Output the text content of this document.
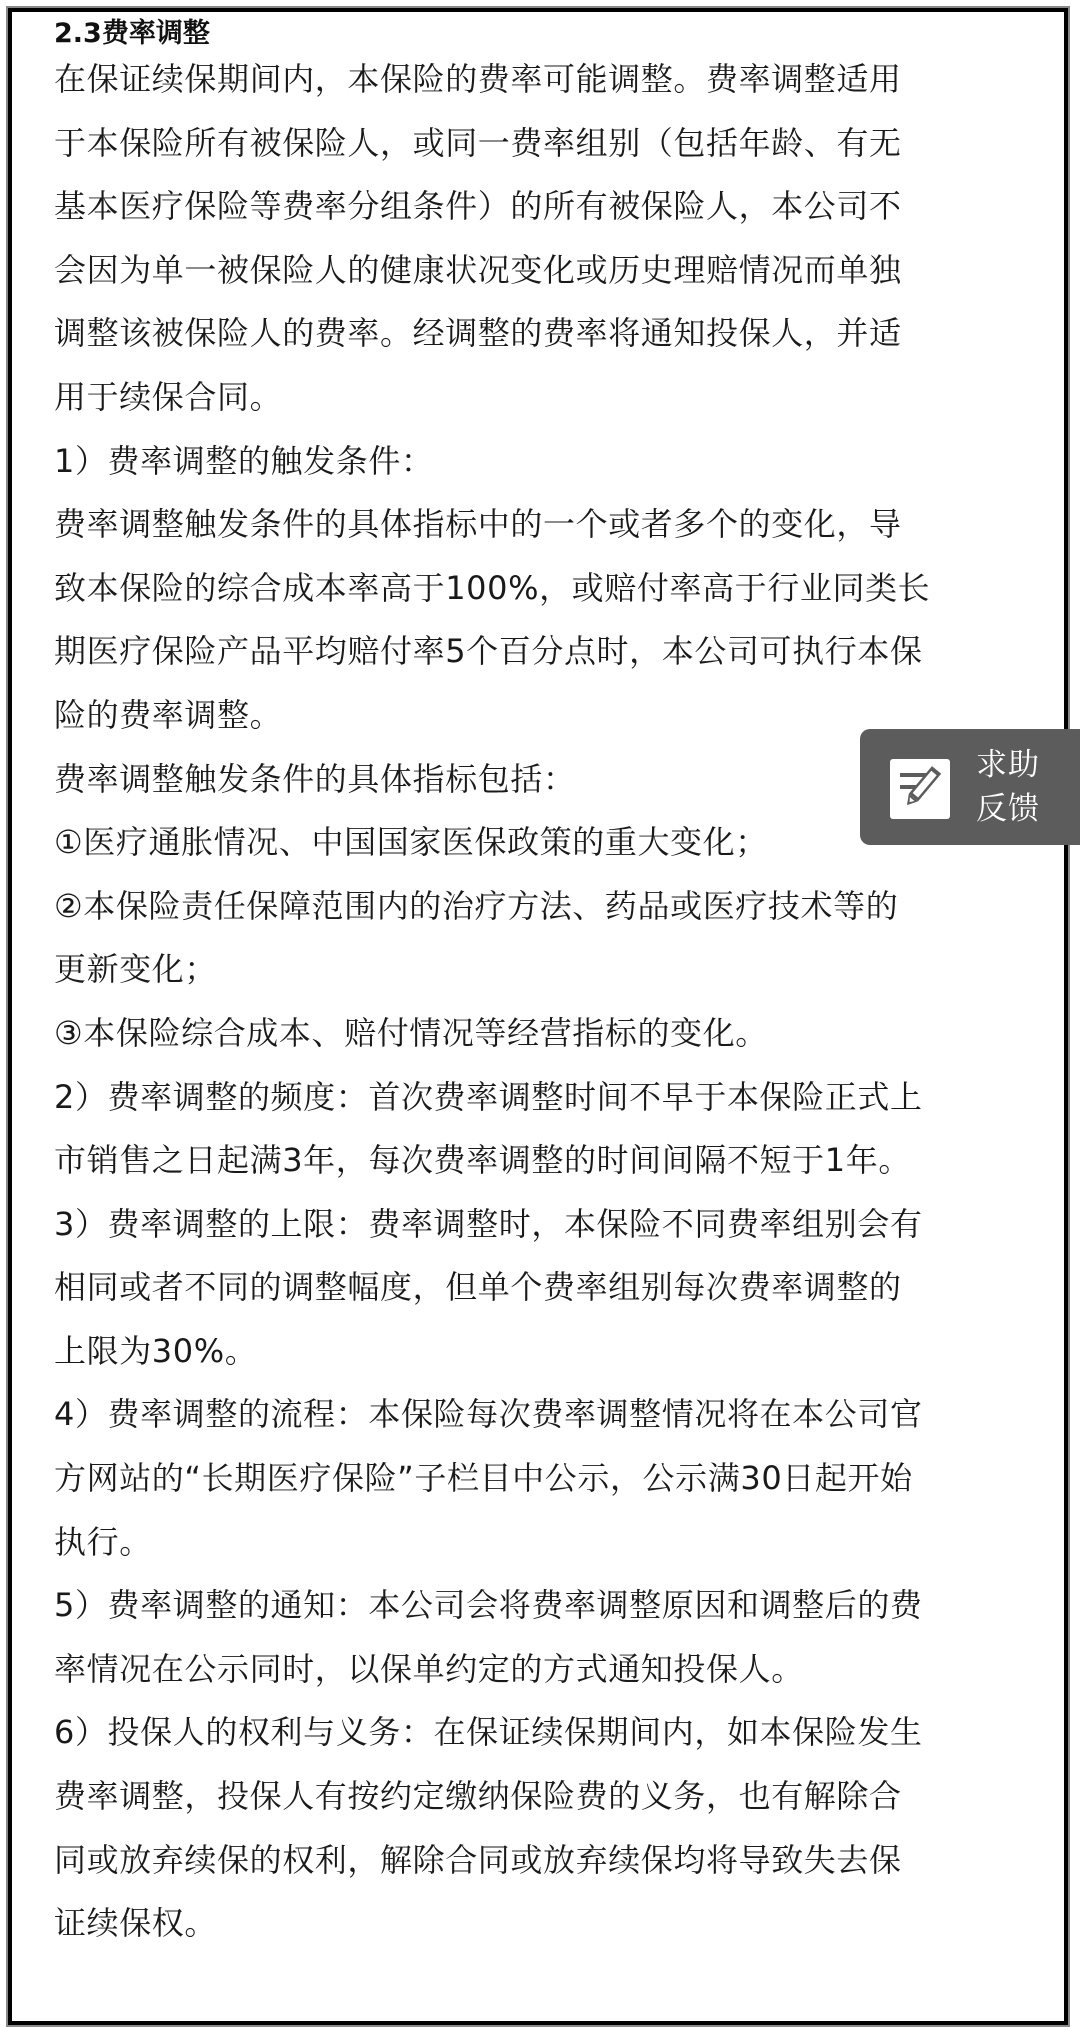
2.3费率调整
在保证续保期间内，本保险的费率可能调整。费率调整适用
于本保险所有被保险人，或同一费率组别（包括年龄、有无
基本医疗保险等费率分组条件）的所有被保险人，本公司不
会因为单一被保险人的健康状况变化或历史理赔情况而单独
调整该被保险人的费率。经调整的费率将通知投保人，并适
用于续保合同。
1）费率调整的触发条件：
费率调整触发条件的具体指标中的一个或者多个的变化，导
致本保险的综合成本率高于100%，或赔付率高于行业同类长
期医疗保险产品平均赔付率5个百分点时，本公司可执行本保
险的费率调整。
费率调整触发条件的具体指标包括：
①医疗通胀情况、中国国家医保政策的重大变化；
②本保险责任保障范围内的治疗方法、药品或医疗技术等的
更新变化；
③本保险综合成本、赔付情况等经营指标的变化。
2）费率调整的频度：首次费率调整时间不早于本保险正式上
市销售之日起满3年，每次费率调整的时间间隔不短于1年。
3）费率调整的上限：费率调整时，本保险不同费率组别会有
相同或者不同的调整幅度，但单个费率组别每次费率调整的
上限为30%。
4）费率调整的流程：本保险每次费率调整情况将在本公司官
方网站的“长期医疗保险”子栏目中公示，公示满30日起开始
执行。
5）费率调整的通知：本公司会将费率调整原因和调整后的费
率情况在公示同时，以保单约定的方式通知投保人。
6）投保人的权利与义务：在保证续保期间内，如本保险发生
费率调整，投保人有按约定缴纳保险费的义务，也有解除合
同或放弃续保的权利，解除合同或放弃续保均将导致失去保
证续保权。
求助
反馈
